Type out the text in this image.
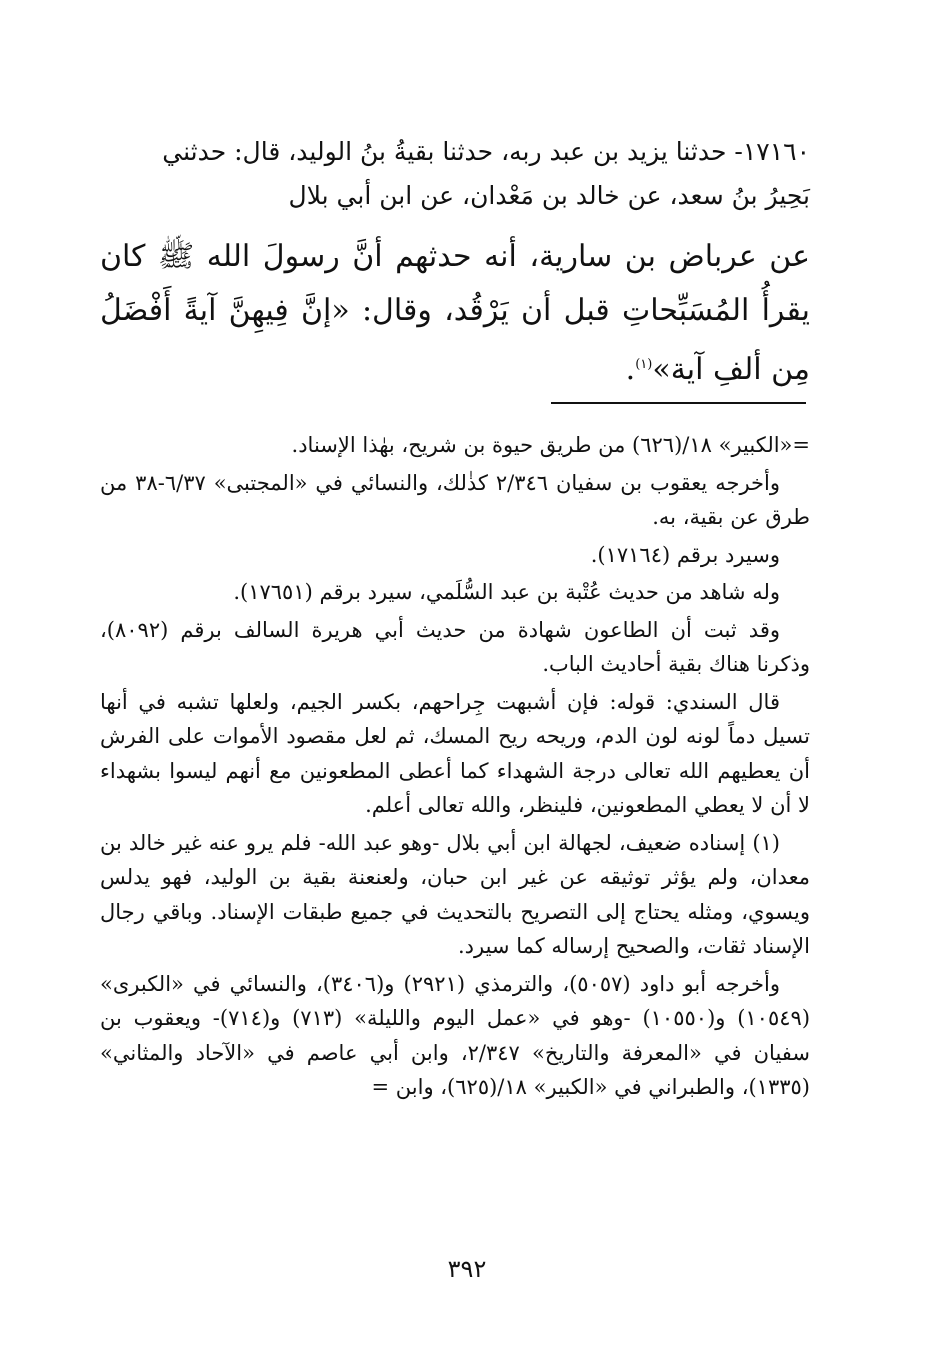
١٧١٦٠- حدثنا يزيد بن عبد ربه، حدثنا بقيةُ بنُ الوليد، قال: حدثني
بَحِيرُ بنُ سعد، عن خالد بن مَعْدان، عن ابن أبي بلال
عن عرباض بن سارية، أنه حدثهم أنَّ رسولَ الله ﷺ كان يقرأُ المُسَبِّحاتِ قبل أن يَرْقُد، وقال: «إنَّ فِيهِنَّ آيةً أَفْضَلُ مِن ألفِ آية»$^{(١)}$.

=«الكبير» ١٨/(٦٢٦) من طريق حيوة بن شريح، بهٰذا الإسناد.

وأخرجه يعقوب بن سفيان ٢/٣٤٦ كذٰلك، والنسائي في «المجتبى» ٦/٣٧-٣٨ من طرق عن بقية، به.

وسيرد برقم (١٧١٦٤).

وله شاهد من حديث عُتْبة بن عبد السُّلَمي، سيرد برقم (١٧٦٥١).

وقد ثبت أن الطاعون شهادة من حديث أبي هريرة السالف برقم (٨٠٩٢)، وذكرنا هناك بقية أحاديث الباب.

قال السندي: قوله: فإن أشبهت جِراحهم، بكسر الجيم، ولعلها تشبه في أنها تسيل دماً لونه لون الدم، وريحه ريح المسك، ثم لعل مقصود الأموات على الفرش أن يعطيهم الله تعالى درجة الشهداء كما أعطى المطعونين مع أنهم ليسوا بشهداء لا أن لا يعطي المطعونين، فلينظر، والله تعالى أعلم.

(١) إسناده ضعيف، لجهالة ابن أبي بلال -وهو عبد الله- فلم يرو عنه غير خالد بن معدان، ولم يؤثر توثيقه عن غير ابن حبان، ولعنعنة بقية بن الوليد، فهو يدلس ويسوي، ومثله يحتاج إلى التصريح بالتحديث في جميع طبقات الإسناد. وباقي رجال الإسناد ثقات، والصحيح إرساله كما سيرد.

وأخرجه أبو داود (٥٠٥٧)، والترمذي (٢٩٢١) و(٣٤٠٦)، والنسائي في «الكبرى» (١٠٥٤٩) و(١٠٥٥٠) -وهو في «عمل اليوم والليلة» (٧١٣) و(٧١٤)- ويعقوب بن سفيان في «المعرفة والتاريخ» ٢/٣٤٧، وابن أبي عاصم في «الآحاد والمثاني» (١٣٣٥)، والطبراني في «الكبير» ١٨/(٦٢٥)، وابن =

٣٩٢
